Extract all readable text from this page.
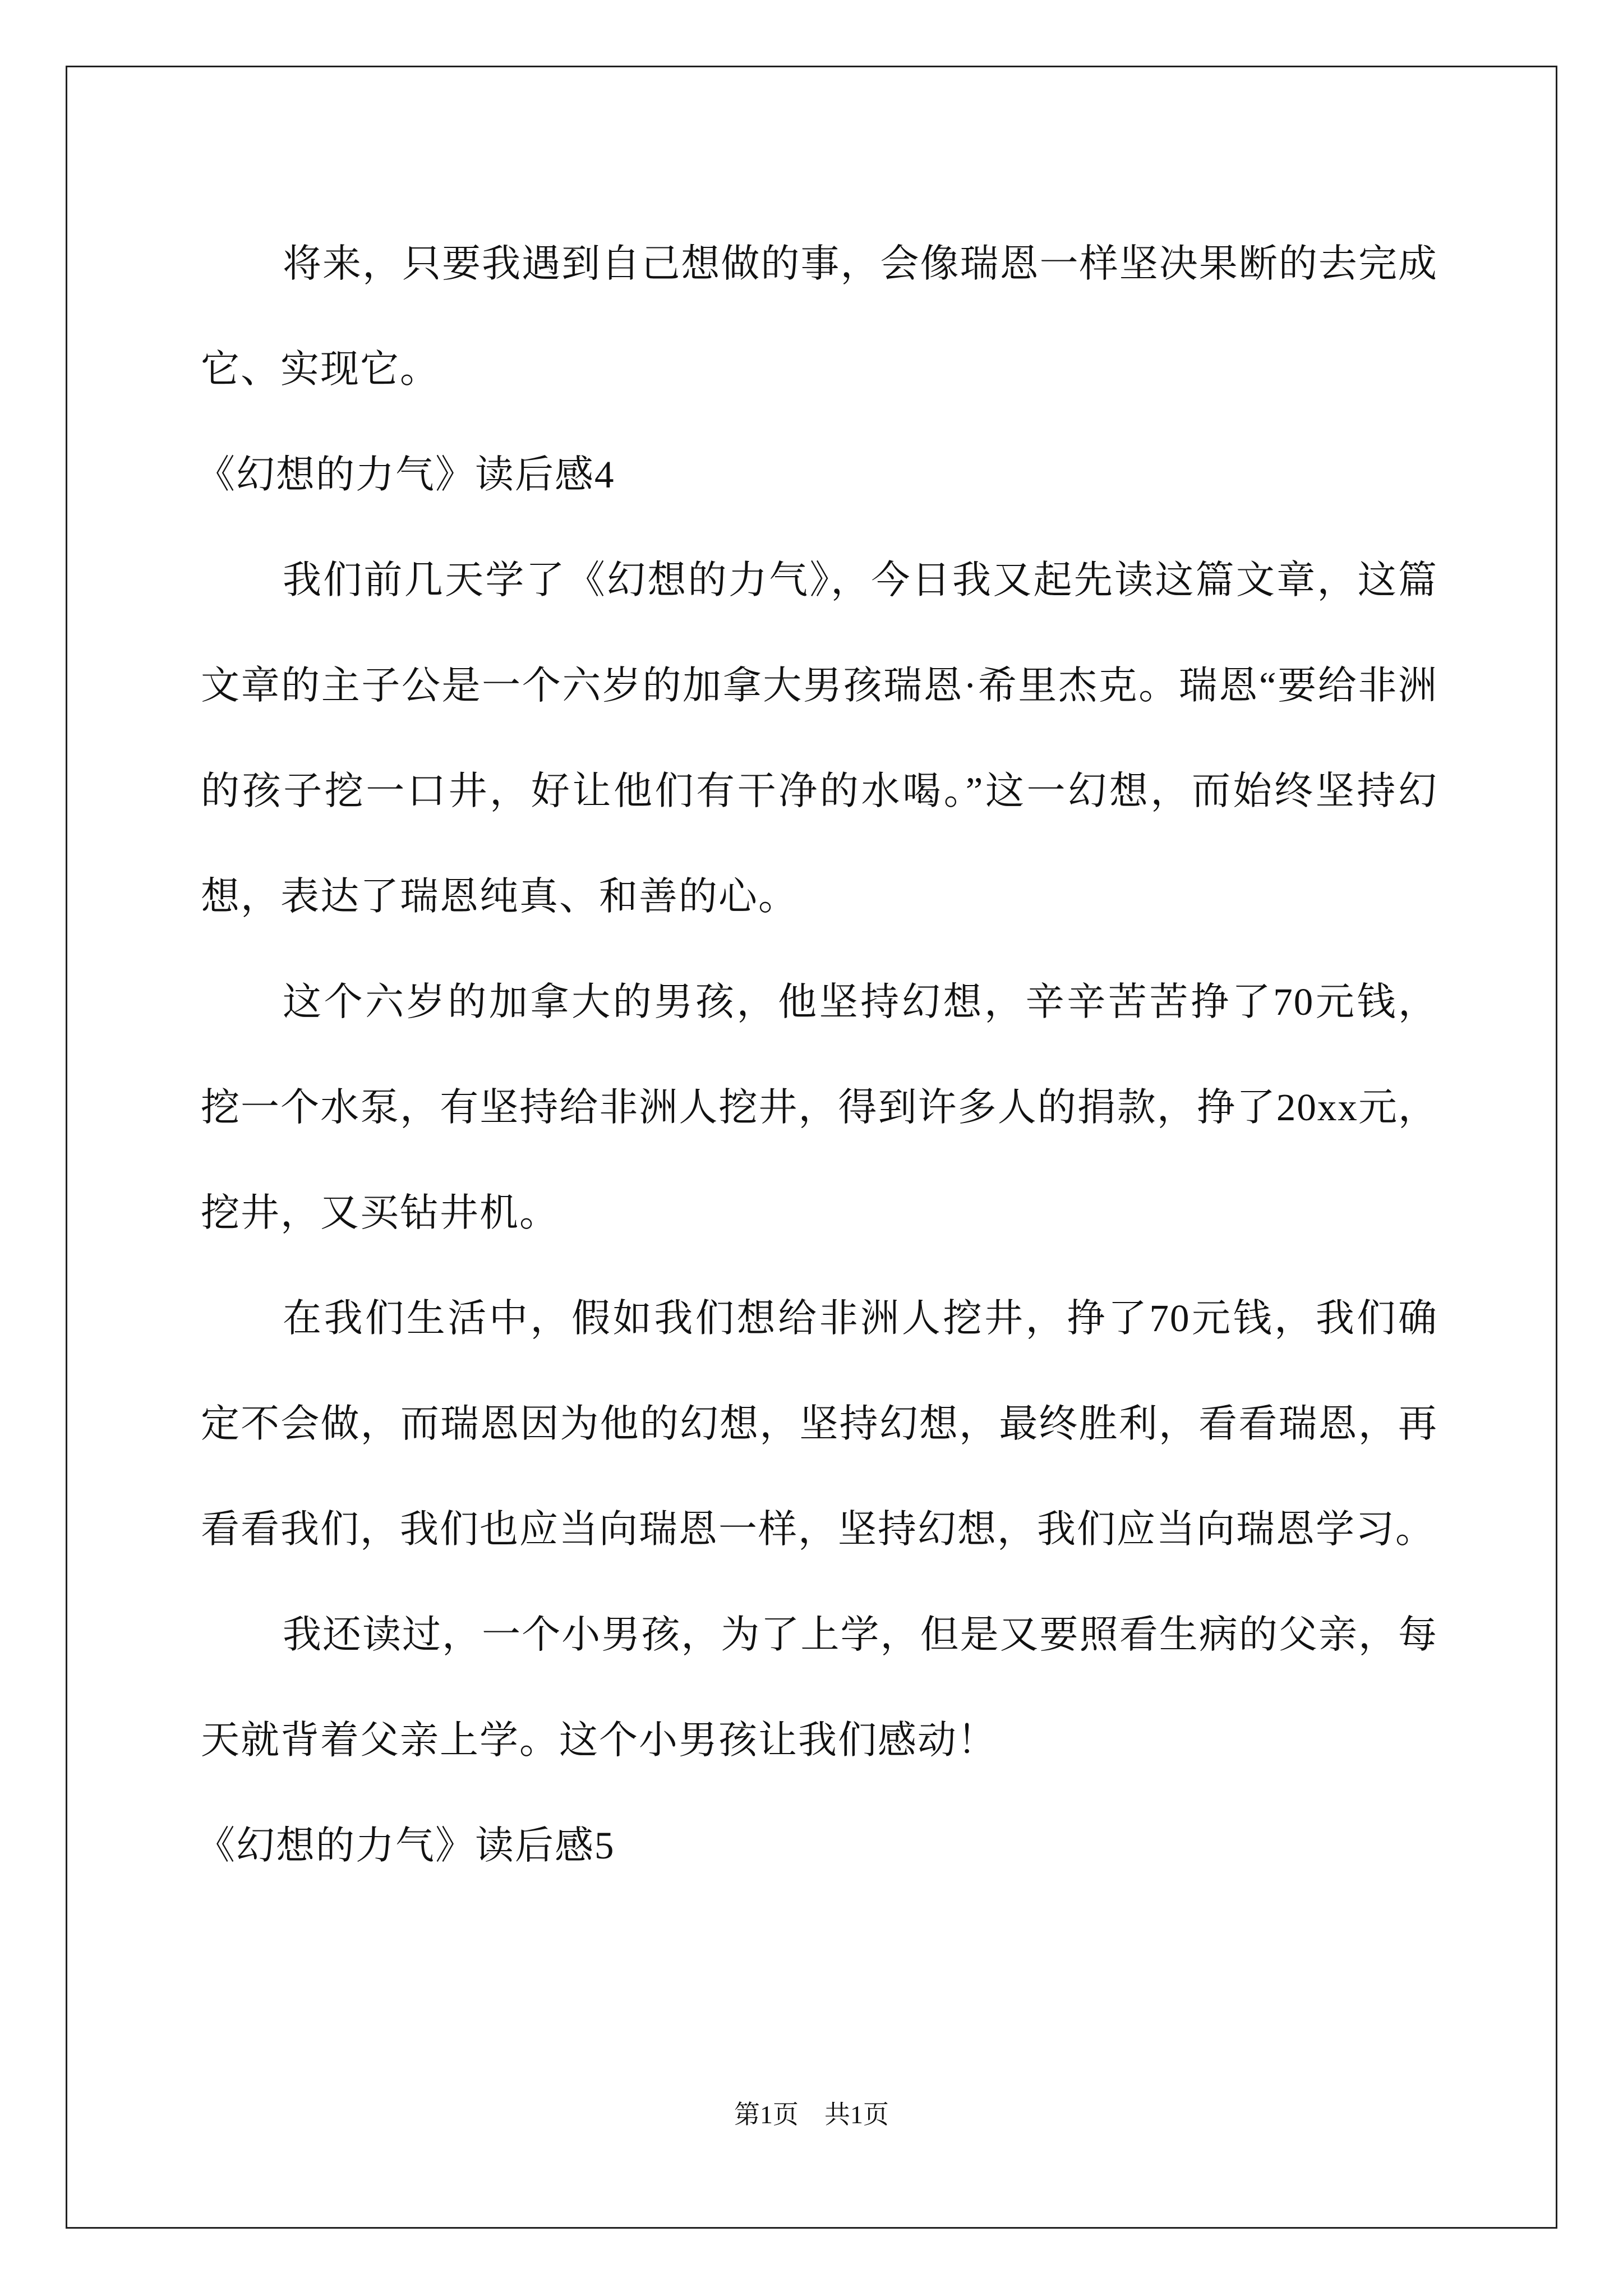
将来，只要我遇到自己想做的事，会像瑞恩一样坚决果断的去完成它、实现它。

《幻想的力气》读后感4

我们前几天学了《幻想的力气》，今日我又起先读这篇文章，这篇文章的主子公是一个六岁的加拿大男孩瑞恩·希里杰克。瑞恩“要给非洲的孩子挖一口井，好让他们有干净的水喝。”这一幻想，而始终坚持幻想，表达了瑞恩纯真、和善的心。

这个六岁的加拿大的男孩，他坚持幻想，辛辛苦苦挣了70元钱，挖一个水泵，有坚持给非洲人挖井，得到许多人的捐款，挣了20xx元，挖井，又买钻井机。

在我们生活中，假如我们想给非洲人挖井，挣了70元钱，我们确定不会做，而瑞恩因为他的幻想，坚持幻想，最终胜利，看看瑞恩，再看看我们，我们也应当向瑞恩一样，坚持幻想，我们应当向瑞恩学习。

我还读过，一个小男孩，为了上学，但是又要照看生病的父亲，每天就背着父亲上学。这个小男孩让我们感动！

《幻想的力气》读后感5

第1页 共1页
